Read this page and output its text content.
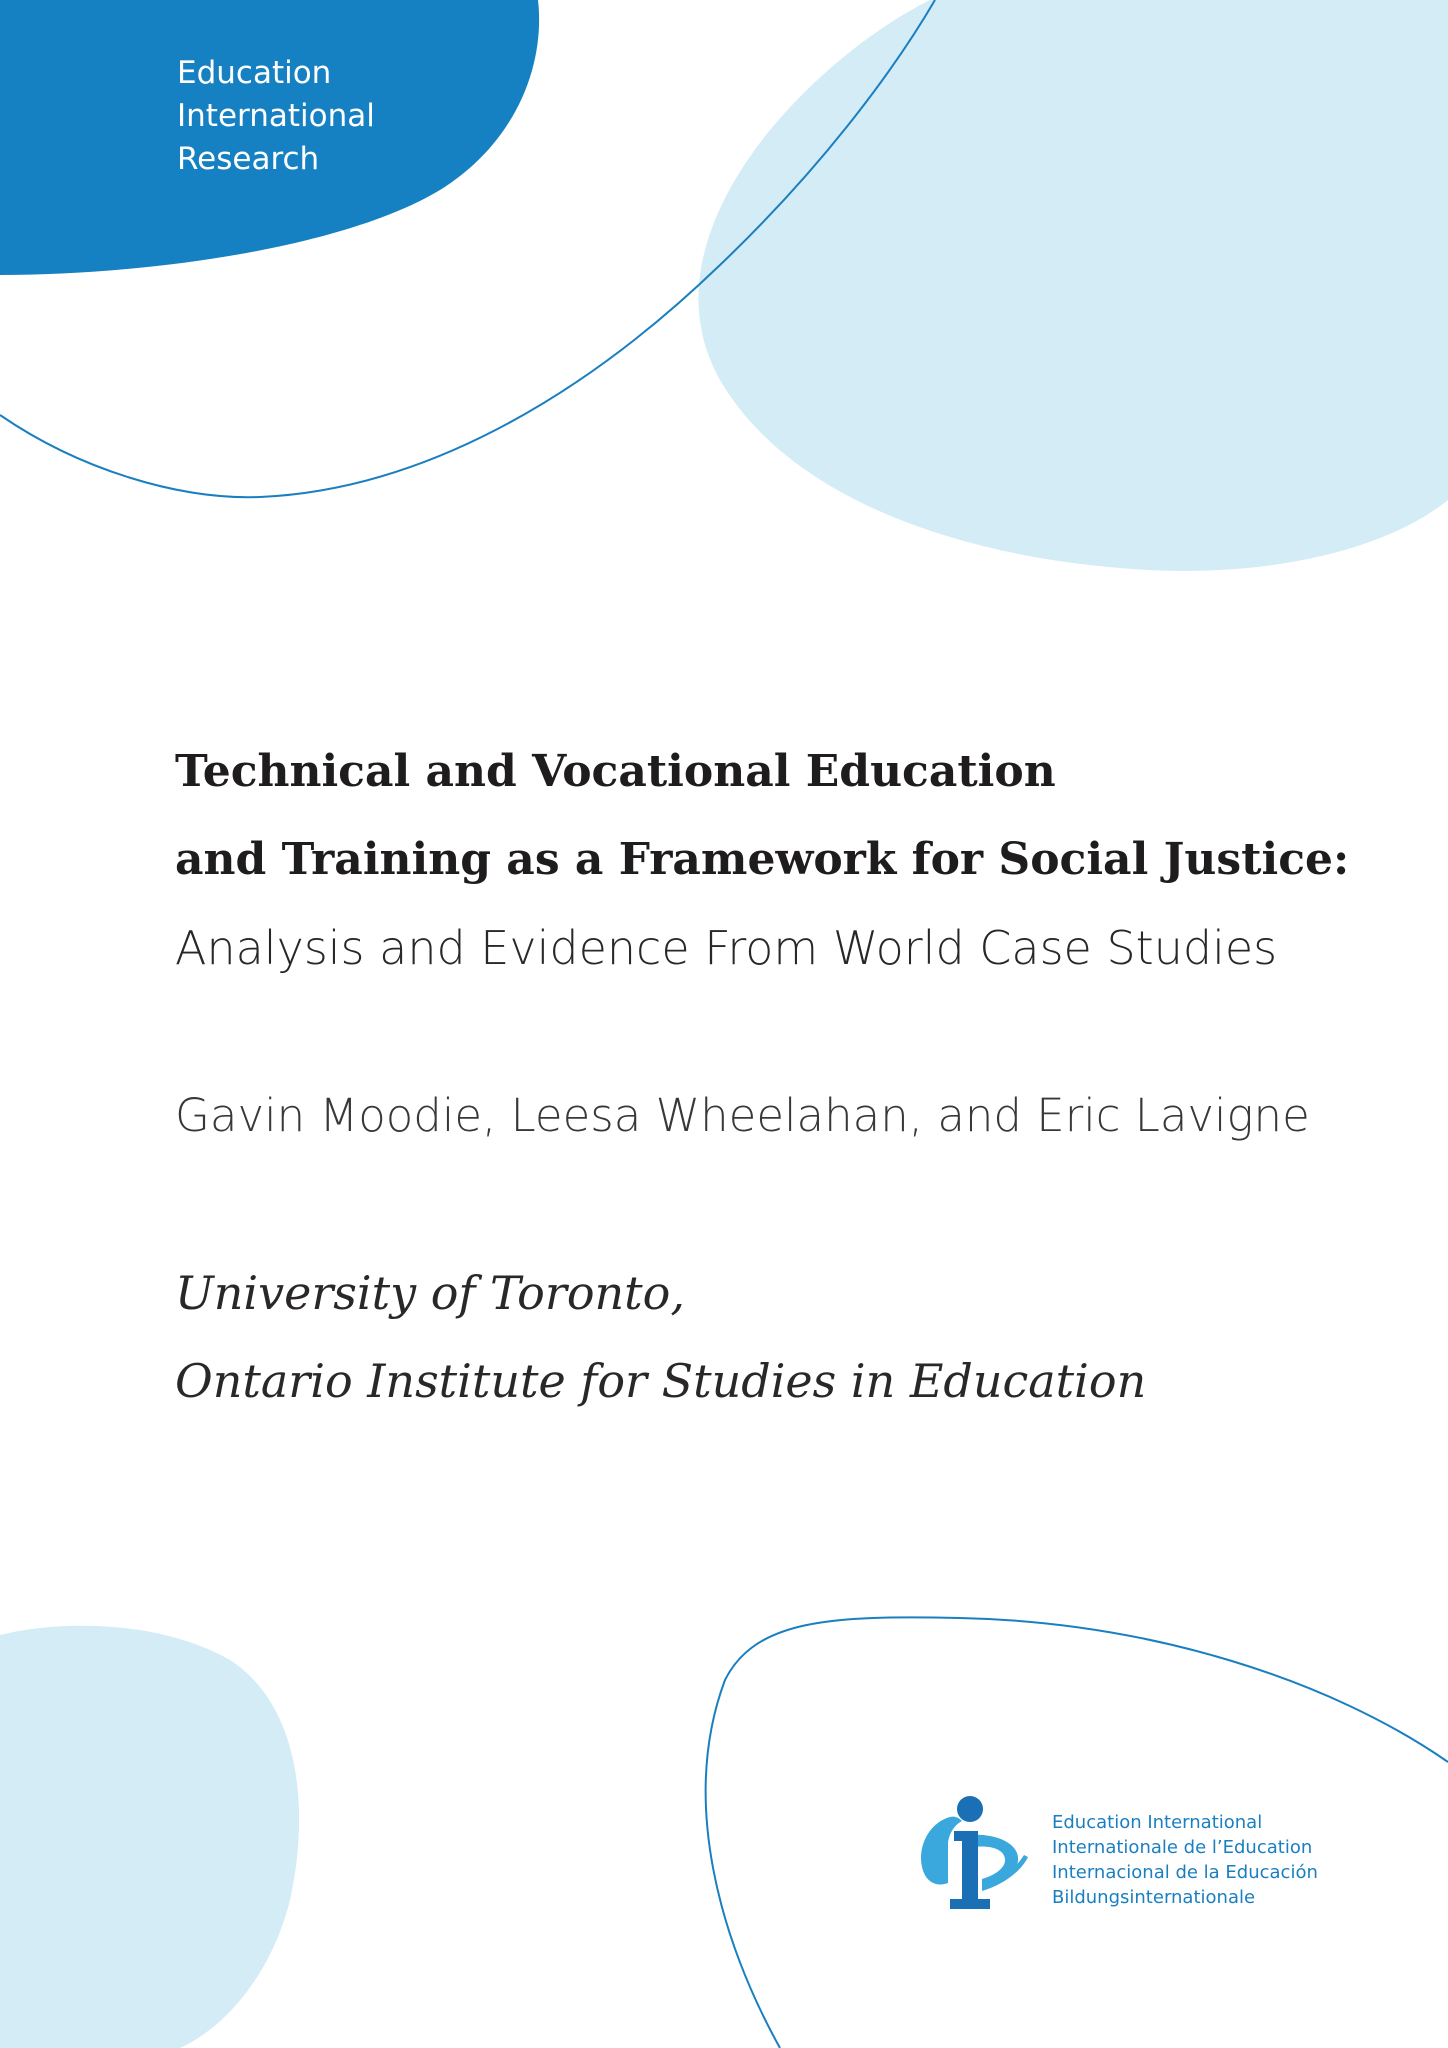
Education
International
Research
Technical and Vocational Education
and Training as a Framework for Social Justice:
Analysis and Evidence From World Case Studies
Gavin Moodie, Leesa Wheelahan, and Eric Lavigne
University of Toronto,
Ontario Institute for Studies in Education
Education International
Internationale de l’Education
Internacional de la Educación
Bildungsinternationale
